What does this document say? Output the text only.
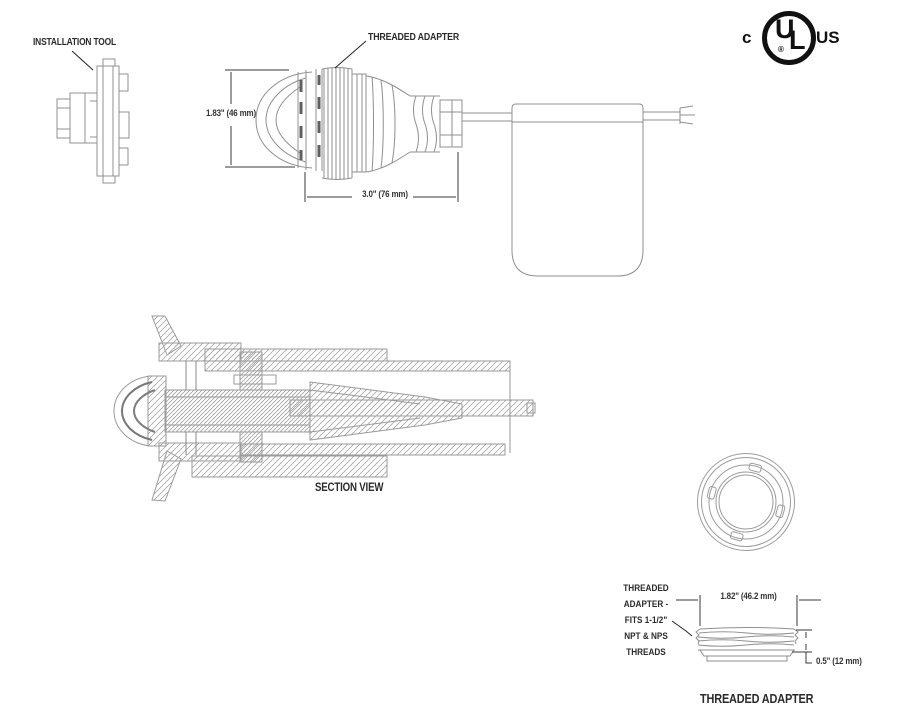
INSTALLATION TOOL	THREADED ADAPTER
1.83" (46 mm)
3.0" (76 mm)
SECTION VIEW
THREADED
ADAPTER -
FITS 1-1/2"
NPT & NPS
THREADS
1.82" (46.2 mm)
0.5" (12 mm)
THREADED ADAPTER
c U
L
®
US
